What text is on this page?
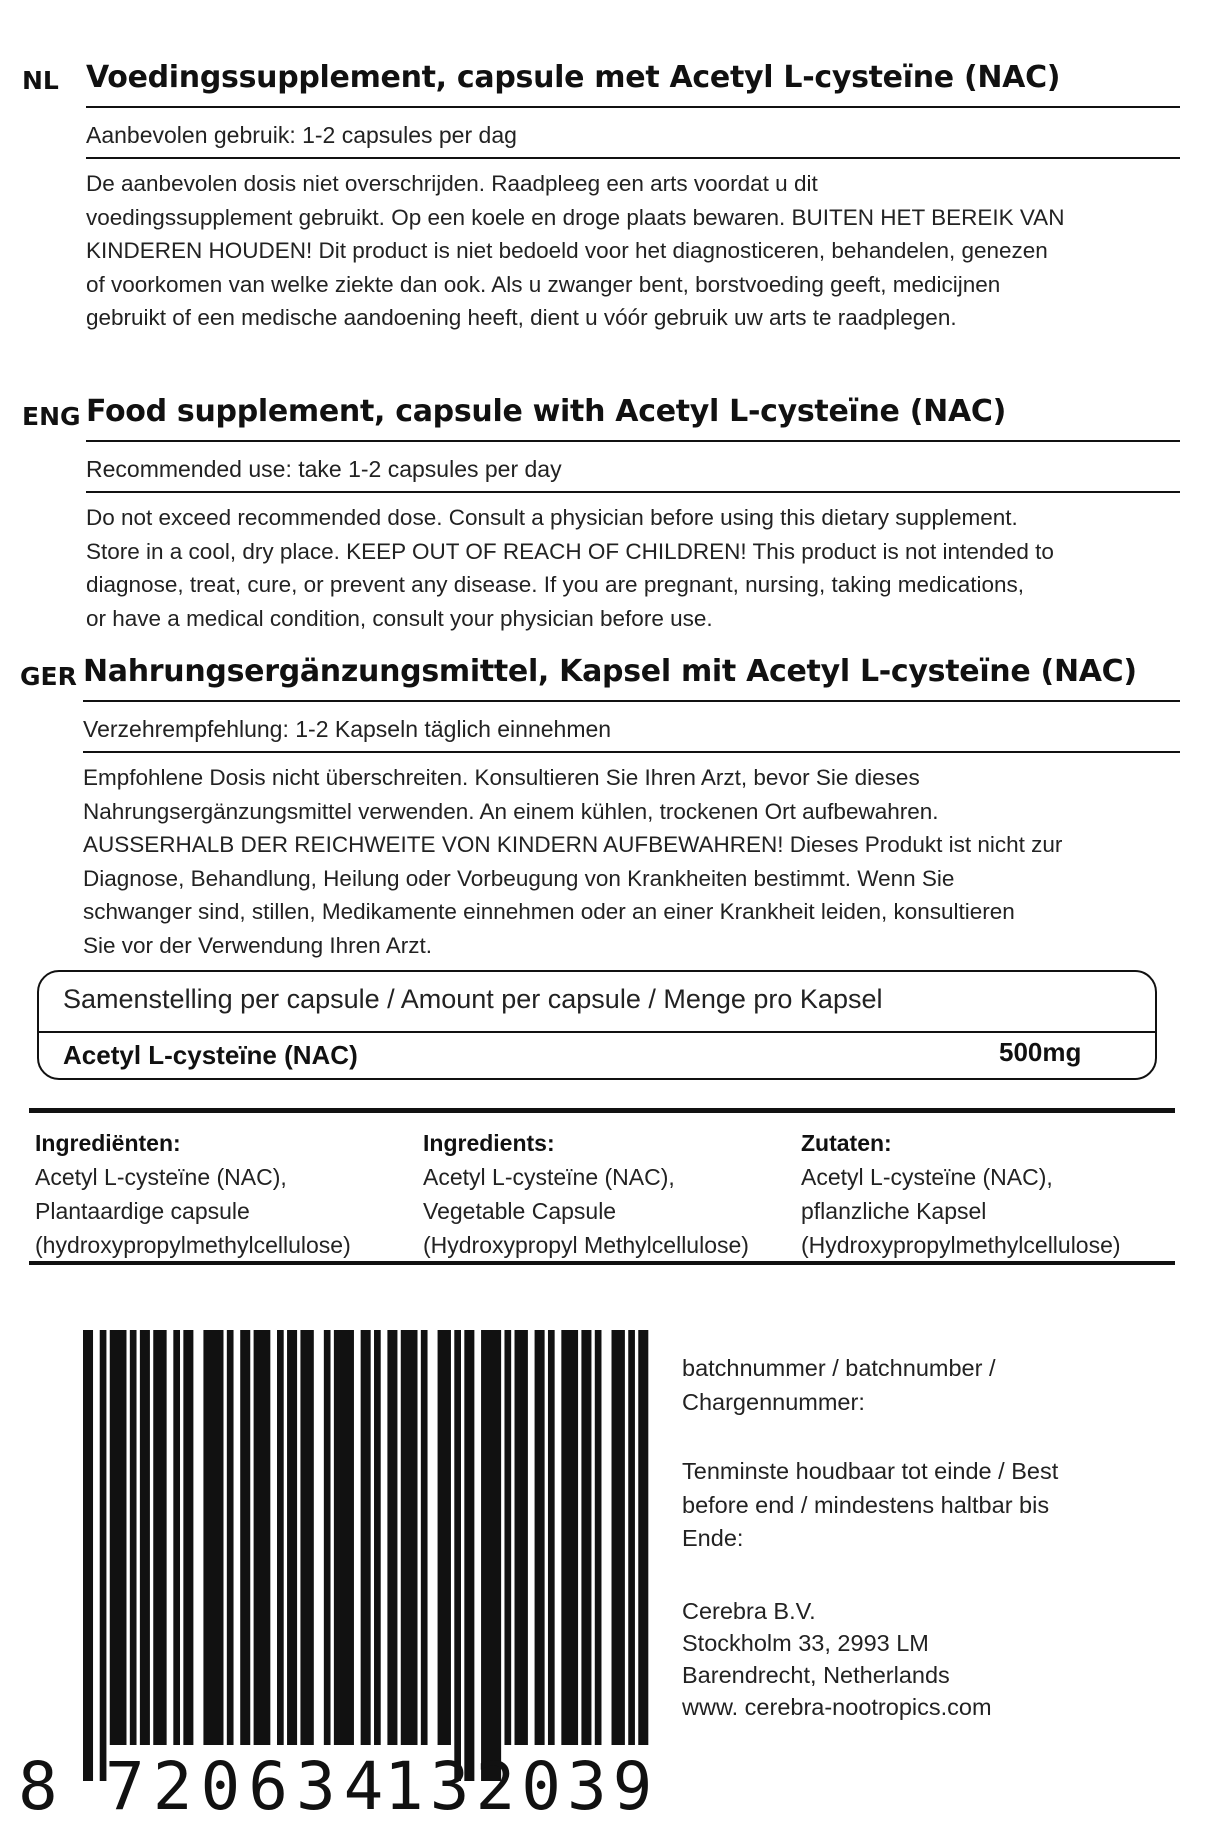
NL Voedingssupplement, capsule met Acetyl L-cysteïne (NAC)
Aanbevolen gebruik: 1-2 capsules per dag
De aanbevolen dosis niet overschrijden. Raadpleeg een arts voordat u dit
voedingssupplement gebruikt. Op een koele en droge plaats bewaren. BUITEN HET BEREIK VAN
KINDEREN HOUDEN! Dit product is niet bedoeld voor het diagnosticeren, behandelen, genezen
of voorkomen van welke ziekte dan ook. Als u zwanger bent, borstvoeding geeft, medicijnen
gebruikt of een medische aandoening heeft, dient u vóór gebruik uw arts te raadplegen.
ENG Food supplement, capsule with Acetyl L-cysteïne (NAC)
Recommended use: take 1-2 capsules per day
Do not exceed recommended dose. Consult a physician before using this dietary supplement.
Store in a cool, dry place. KEEP OUT OF REACH OF CHILDREN! This product is not intended to
diagnose, treat, cure, or prevent any disease. If you are pregnant, nursing, taking medications,
or have a medical condition, consult your physician before use.
GER Nahrungsergänzungsmittel, Kapsel mit Acetyl L-cysteïne (NAC)
Verzehrempfehlung: 1-2 Kapseln täglich einnehmen
Empfohlene Dosis nicht überschreiten. Konsultieren Sie Ihren Arzt, bevor Sie dieses
Nahrungsergänzungsmittel verwenden. An einem kühlen, trockenen Ort aufbewahren.
AUSSERHALB DER REICHWEITE VON KINDERN AUFBEWAHREN! Dieses Produkt ist nicht zur
Diagnose, Behandlung, Heilung oder Vorbeugung von Krankheiten bestimmt. Wenn Sie
schwanger sind, stillen, Medikamente einnehmen oder an einer Krankheit leiden, konsultieren
Sie vor der Verwendung Ihren Arzt.
Samenstelling per capsule / Amount per capsule / Menge pro Kapsel
Acetyl L-cysteïne (NAC)	500mg
Ingrediënten:
Acetyl L-cysteïne (NAC),
Plantaardige capsule
(hydroxypropylmethylcellulose)
Ingredients:
Acetyl L-cysteïne (NAC),
Vegetable Capsule
(Hydroxypropyl Methylcellulose)
Zutaten:
Acetyl L-cysteïne (NAC),
pflanzliche Kapsel
(Hydroxypropylmethylcellulose)
8 720634
132039
batchnummer / batchnumber /
Chargennummer:
Tenminste houdbaar tot einde / Best
before end / mindestens haltbar bis
Ende:
Cerebra B.V.
Stockholm 33, 2993 LM
Barendrecht, Netherlands
www. cerebra-nootropics.com
